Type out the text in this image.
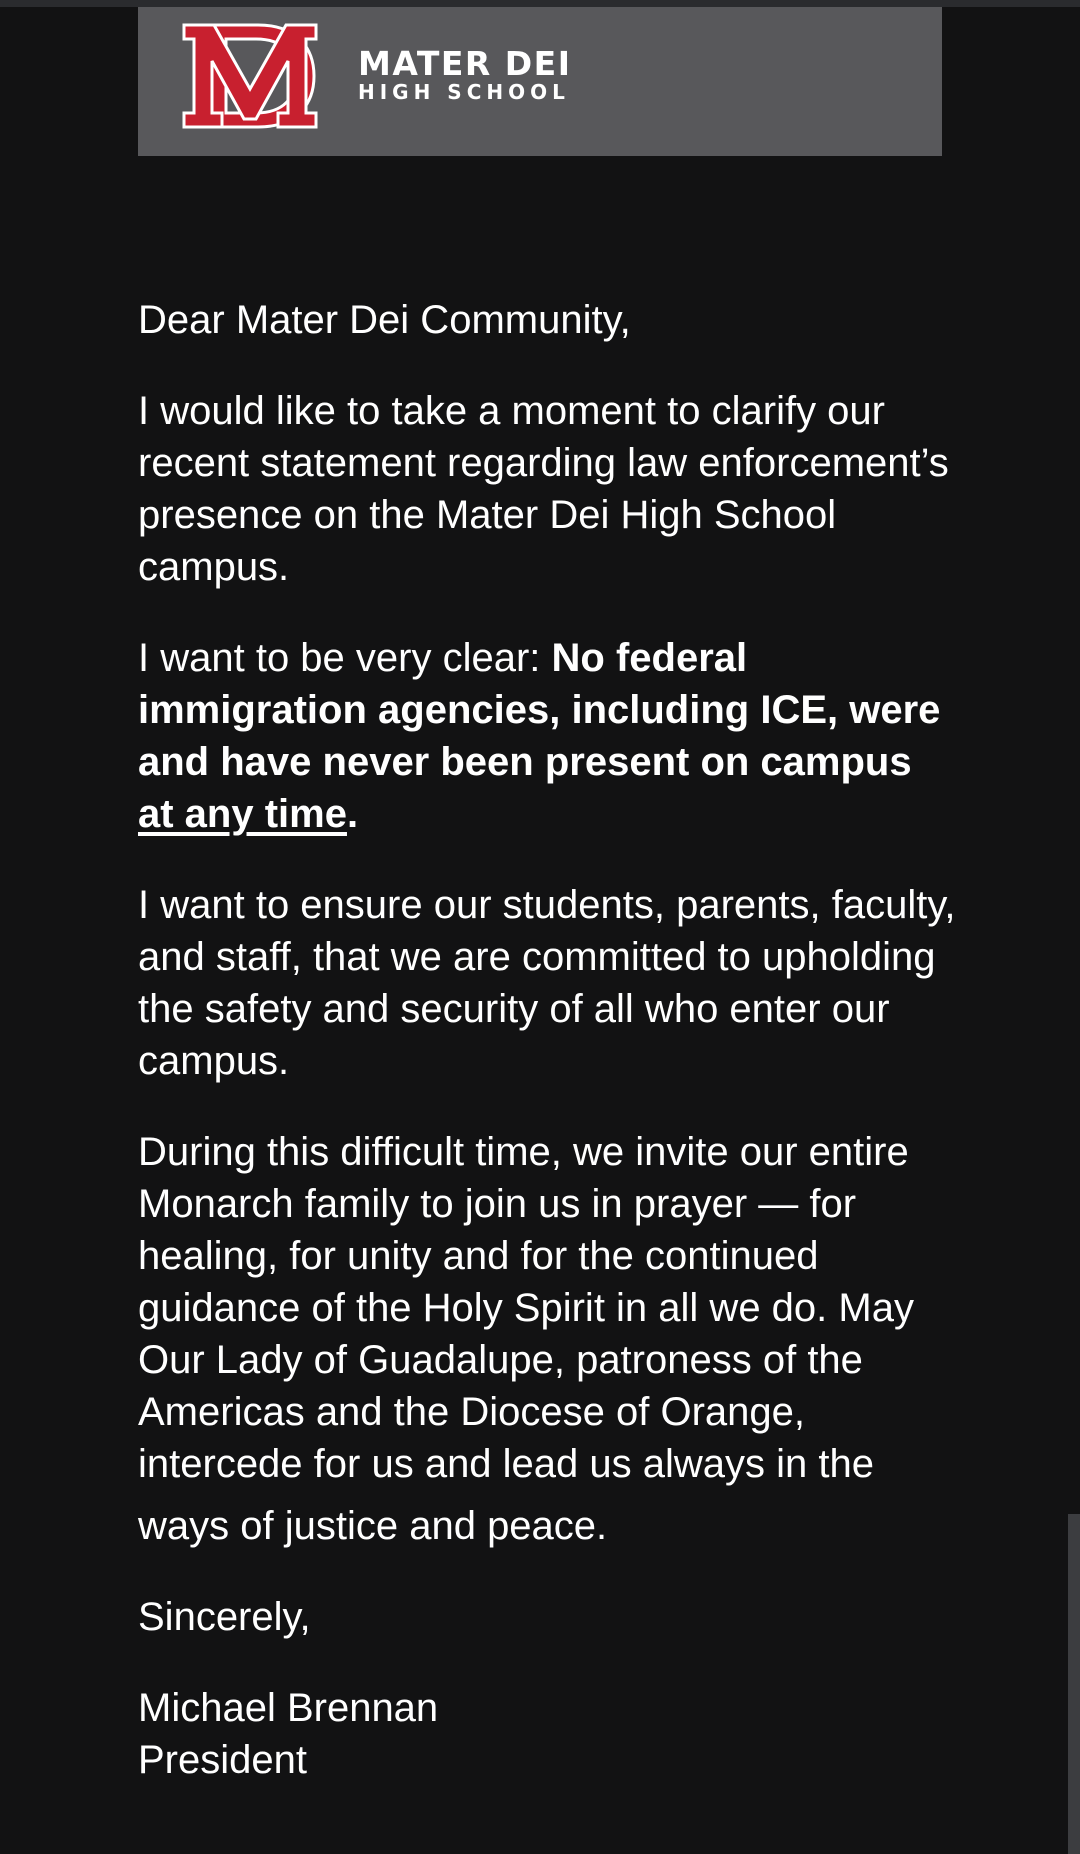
MATER DEI
HIGH SCHOOL

Dear Mater Dei Community,

I would like to take a moment to clarify our recent statement regarding law enforcement’s presence on the Mater Dei High School campus.

I want to be very clear: No federal immigration agencies, including ICE, were and have never been present on campus at any time.

I want to ensure our students, parents, faculty, and staff, that we are committed to upholding the safety and security of all who enter our campus.

During this difficult time, we invite our entire Monarch family to join us in prayer — for healing, for unity and for the continued guidance of the Holy Spirit in all we do. May Our Lady of Guadalupe, patroness of the Americas and the Diocese of Orange, intercede for us and lead us always in the
ways of justice and peace.

Sincerely,

Michael Brennan
President
